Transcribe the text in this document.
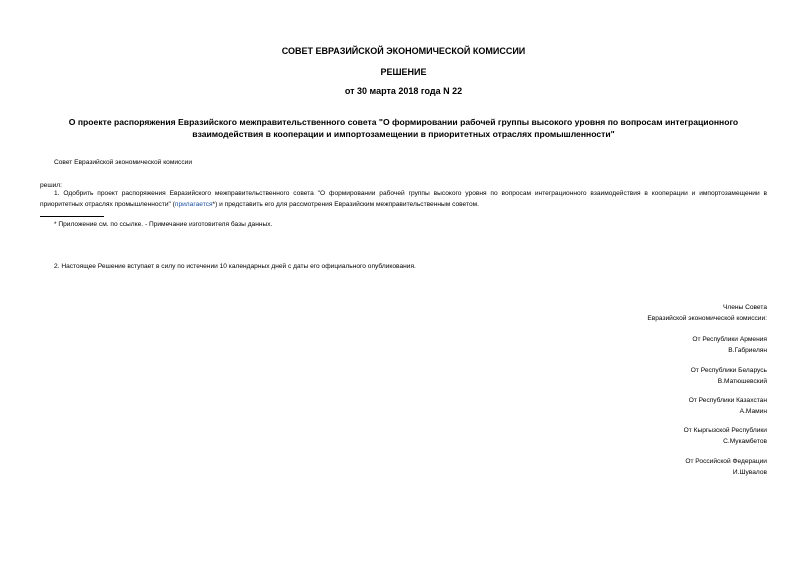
СОВЕТ ЕВРАЗИЙСКОЙ ЭКОНОМИЧЕСКОЙ КОМИССИИ
РЕШЕНИЕ
от 30 марта 2018 года N 22
О проекте распоряжения Евразийского межправительственного совета "О формировании рабочей группы высокого уровня по вопросам интеграционного взаимодействия в кооперации и импортозамещении в приоритетных отраслях промышленности"
Совет Евразийской экономической комиссии
решил:
1. Одобрить проект распоряжения Евразийского межправительственного совета "О формировании рабочей группы высокого уровня по вопросам интеграционного взаимодействия в кооперации и импортозамещении в приоритетных отраслях промышленности" (прилагается*) и представить его для рассмотрения Евразийским межправительственным советом.
* Приложение см. по ссылке. - Примечание изготовителя базы данных.
2. Настоящее Решение вступает в силу по истечении 10 календарных дней с даты его официального опубликования.
Члены Совета
Евразийской экономической комиссии:
От Республики Армения
В.Габриелян
От Республики Беларусь
В.Матюшевский
От Республики Казахстан
А.Мамин
От Кыргызской Республики
С.Мукамбетов
От Российской Федерации
И.Шувалов
